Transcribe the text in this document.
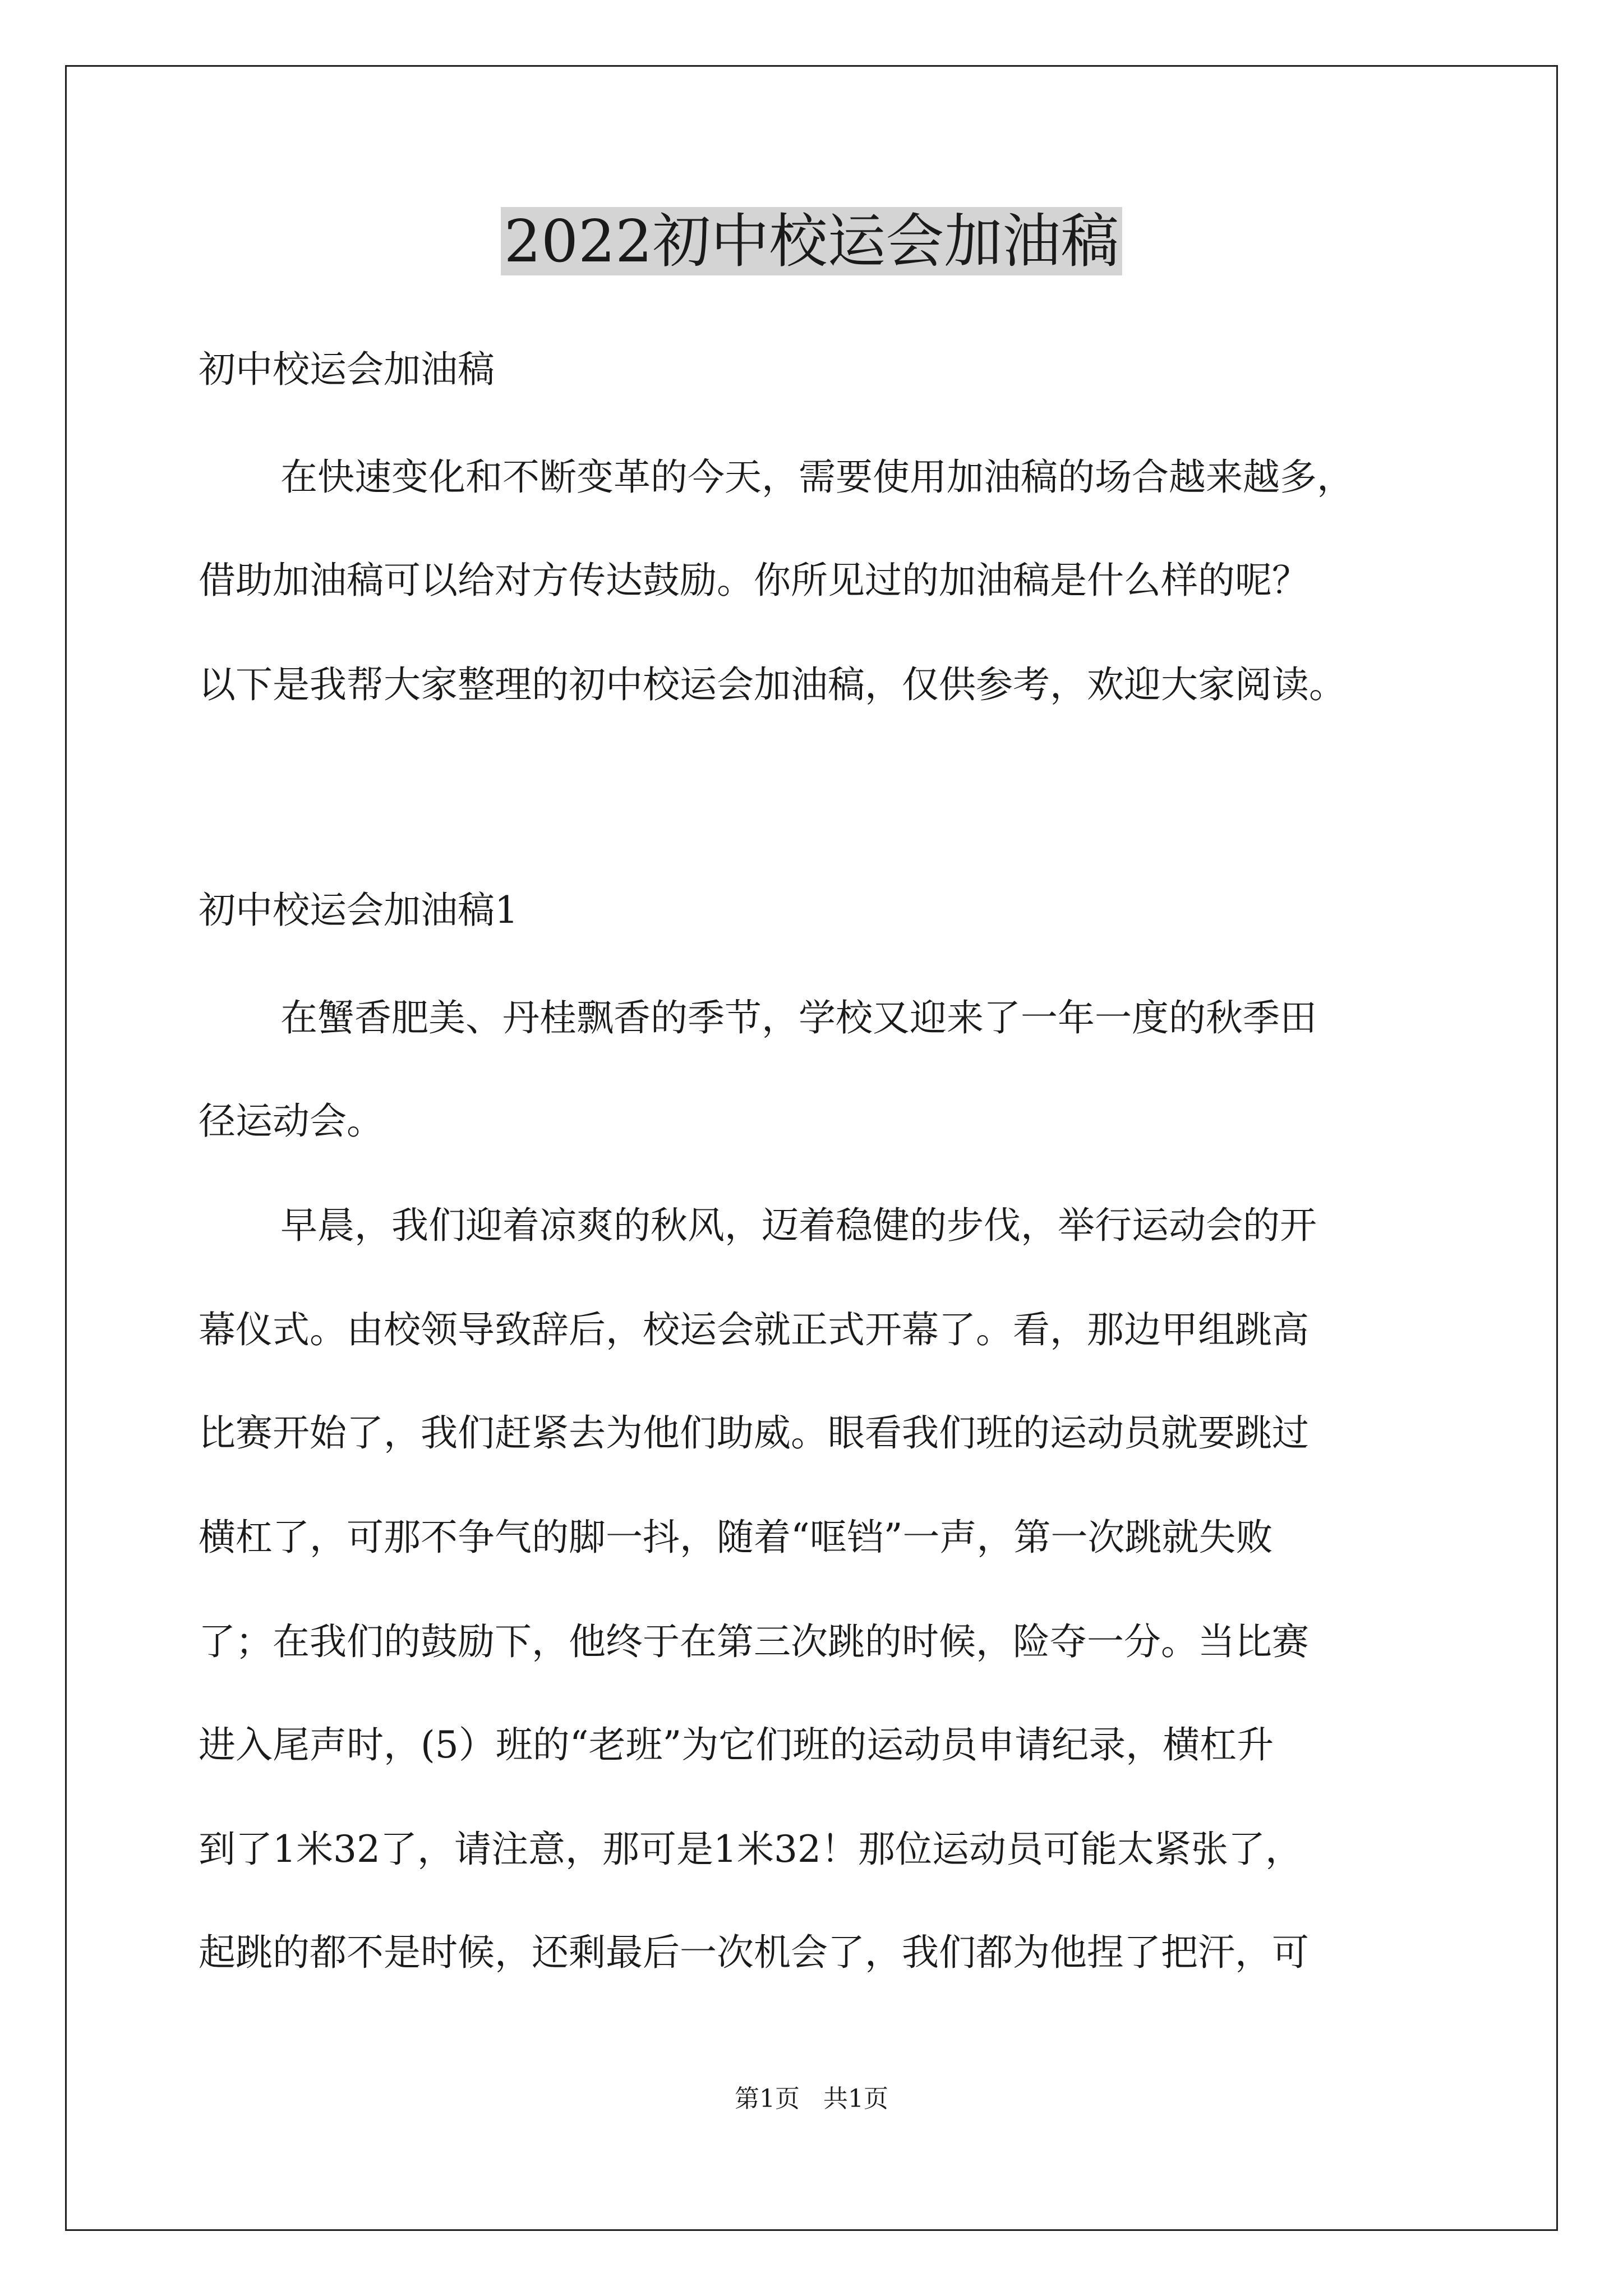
2022初中校运会加油稿

初中校运会加油稿

在快速变化和不断变革的今天，需要使用加油稿的场合越来越多，

借助加油稿可以给对方传达鼓励。你所见过的加油稿是什么样的呢？

以下是我帮大家整理的初中校运会加油稿，仅供参考，欢迎大家阅读。

初中校运会加油稿1

在蟹香肥美、丹桂飘香的季节，学校又迎来了一年一度的秋季田

径运动会。

早晨，我们迎着凉爽的秋风，迈着稳健的步伐，举行运动会的开

幕仪式。由校领导致辞后，校运会就正式开幕了。看，那边甲组跳高

比赛开始了，我们赶紧去为他们助威。眼看我们班的运动员就要跳过

横杠了，可那不争气的脚一抖，随着“哐铛”一声，第一次跳就失败

了；在我们的鼓励下，他终于在第三次跳的时候，险夺一分。当比赛

进入尾声时，(5）班的“老班”为它们班的运动员申请纪录，横杠升

到了1米32了，请注意，那可是1米32！那位运动员可能太紧张了，

起跳的都不是时候，还剩最后一次机会了，我们都为他捏了把汗，可

第1页   共1页
